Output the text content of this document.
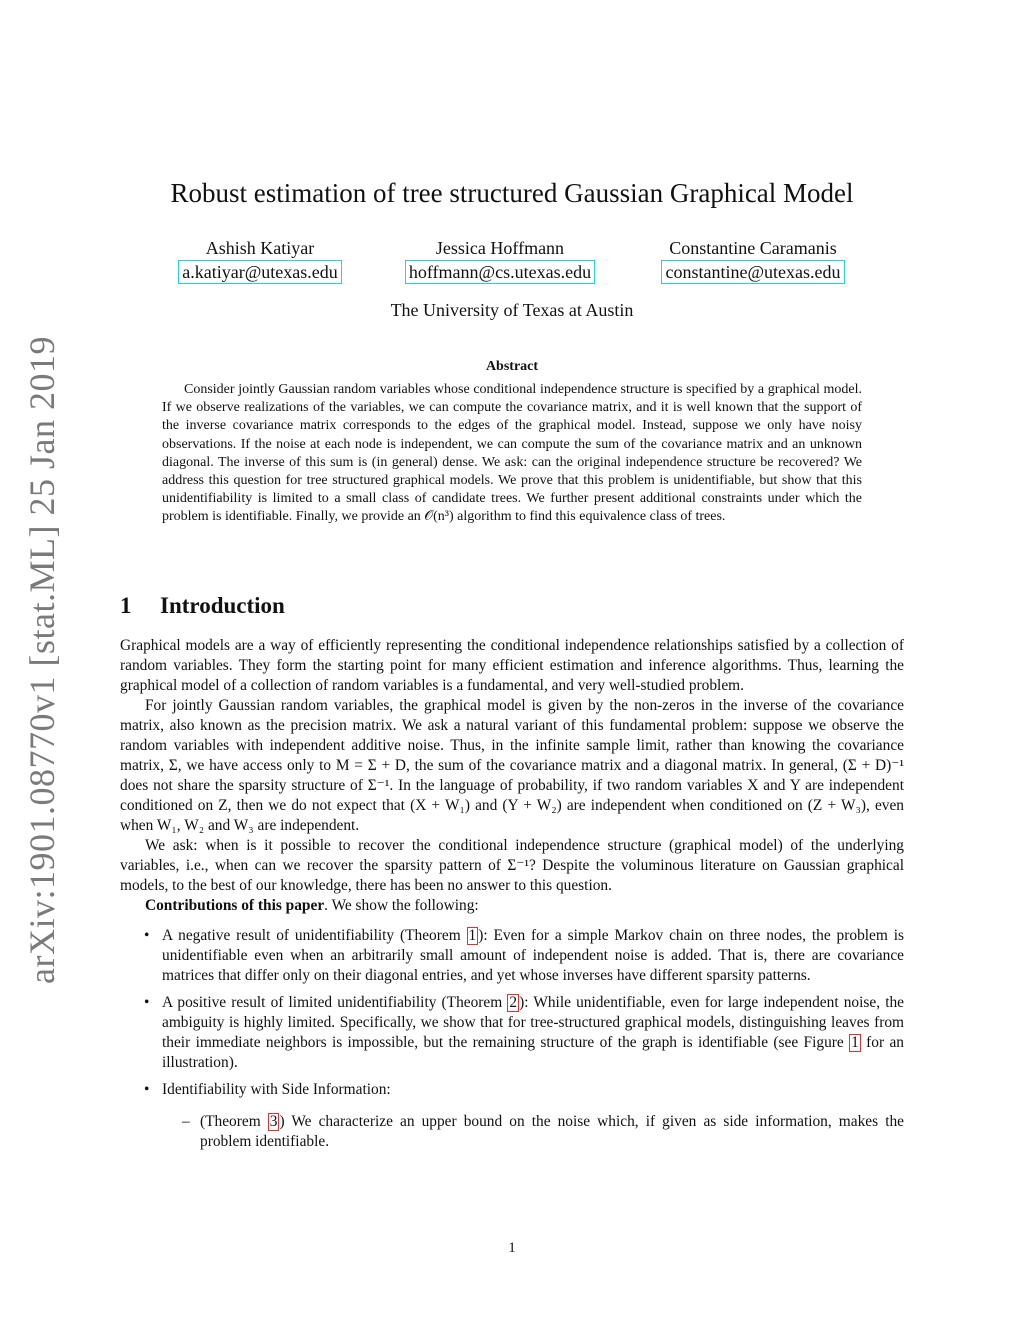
arXiv:1901.08770v1 [stat.ML] 25 Jan 2019
Robust estimation of tree structured Gaussian Graphical Model
Ashish Katiyar
a.katiyar@utexas.edu
Jessica Hoffmann
hoffmann@cs.utexas.edu
Constantine Caramanis
constantine@utexas.edu
The University of Texas at Austin
Abstract

Consider jointly Gaussian random variables whose conditional independence structure is specified by a graphical model. If we observe realizations of the variables, we can compute the covariance matrix, and it is well known that the support of the inverse covariance matrix corresponds to the edges of the graphical model. Instead, suppose we only have noisy observations. If the noise at each node is independent, we can compute the sum of the covariance matrix and an unknown diagonal. The inverse of this sum is (in general) dense. We ask: can the original independence structure be recovered? We address this question for tree structured graphical models. We prove that this problem is unidentifiable, but show that this unidentifiability is limited to a small class of candidate trees. We further present additional constraints under which the problem is identifiable. Finally, we provide an 𝒪(n³) algorithm to find this equivalence class of trees.

1 Introduction

Graphical models are a way of efficiently representing the conditional independence relationships satisfied by a collection of random variables. They form the starting point for many efficient estimation and inference algorithms. Thus, learning the graphical model of a collection of random variables is a fundamental, and very well-studied problem.

For jointly Gaussian random variables, the graphical model is given by the non-zeros in the inverse of the covariance matrix, also known as the precision matrix. We ask a natural variant of this fundamental problem: suppose we observe the random variables with independent additive noise. Thus, in the infinite sample limit, rather than knowing the covariance matrix, Σ, we have access only to M = Σ + D, the sum of the covariance matrix and a diagonal matrix. In general, (Σ + D)⁻¹ does not share the sparsity structure of Σ⁻¹. In the language of probability, if two random variables X and Y are independent conditioned on Z, then we do not expect that (X + W₁) and (Y + W₂) are independent when conditioned on (Z + W₃), even when W₁, W₂ and W₃ are independent.

We ask: when is it possible to recover the conditional independence structure (graphical model) of the underlying variables, i.e., when can we recover the sparsity pattern of Σ⁻¹? Despite the voluminous literature on Gaussian graphical models, to the best of our knowledge, there has been no answer to this question.

Contributions of this paper. We show the following:

• A negative result of unidentifiability (Theorem 1 ): Even for a simple Markov chain on three nodes, the problem is unidentifiable even when an arbitrarily small amount of independent noise is added. That is, there are covariance matrices that differ only on their diagonal entries, and yet whose inverses have different sparsity patterns.
• A positive result of limited unidentifiability (Theorem 2 ): While unidentifiable, even for large independent noise, the ambiguity is highly limited. Specifically, we show that for tree-structured graphical models, distinguishing leaves from their immediate neighbors is impossible, but the remaining structure of the graph is identifiable (see Figure 1 for an illustration).
• Identifiability with Side Information:
– (Theorem 3 ) We characterize an upper bound on the noise which, if given as side information, makes the problem identifiable.
1
